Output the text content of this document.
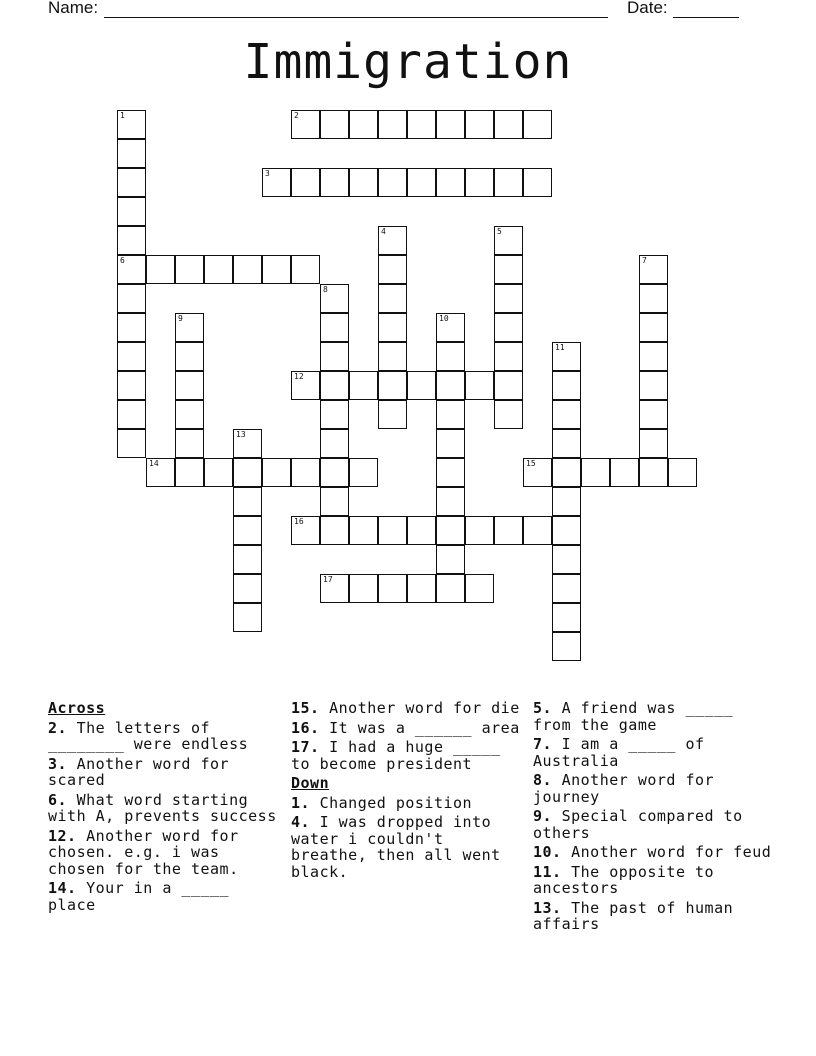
Name:	Date:
Immigration
1
6
2
3
4	5
7
8
9	10
11
12
13
14	15
16
17
Across
2. The letters of ________ were endless
3. Another word for scared
6. What word starting with A, prevents success
12. Another word for chosen. e.g. i was chosen for the team.
14. Your in a _____ place
15. Another word for die
16. It was a ______ area
17. I had a huge _____ to become president
Down
1. Changed position
4. I was dropped into water i couldn't breathe, then all went black.
5. A friend was _____ from the game
7. I am a _____ of Australia
8. Another word for journey
9. Special compared to others
10. Another word for feud
11. The opposite to ancestors
13. The past of human affairs
